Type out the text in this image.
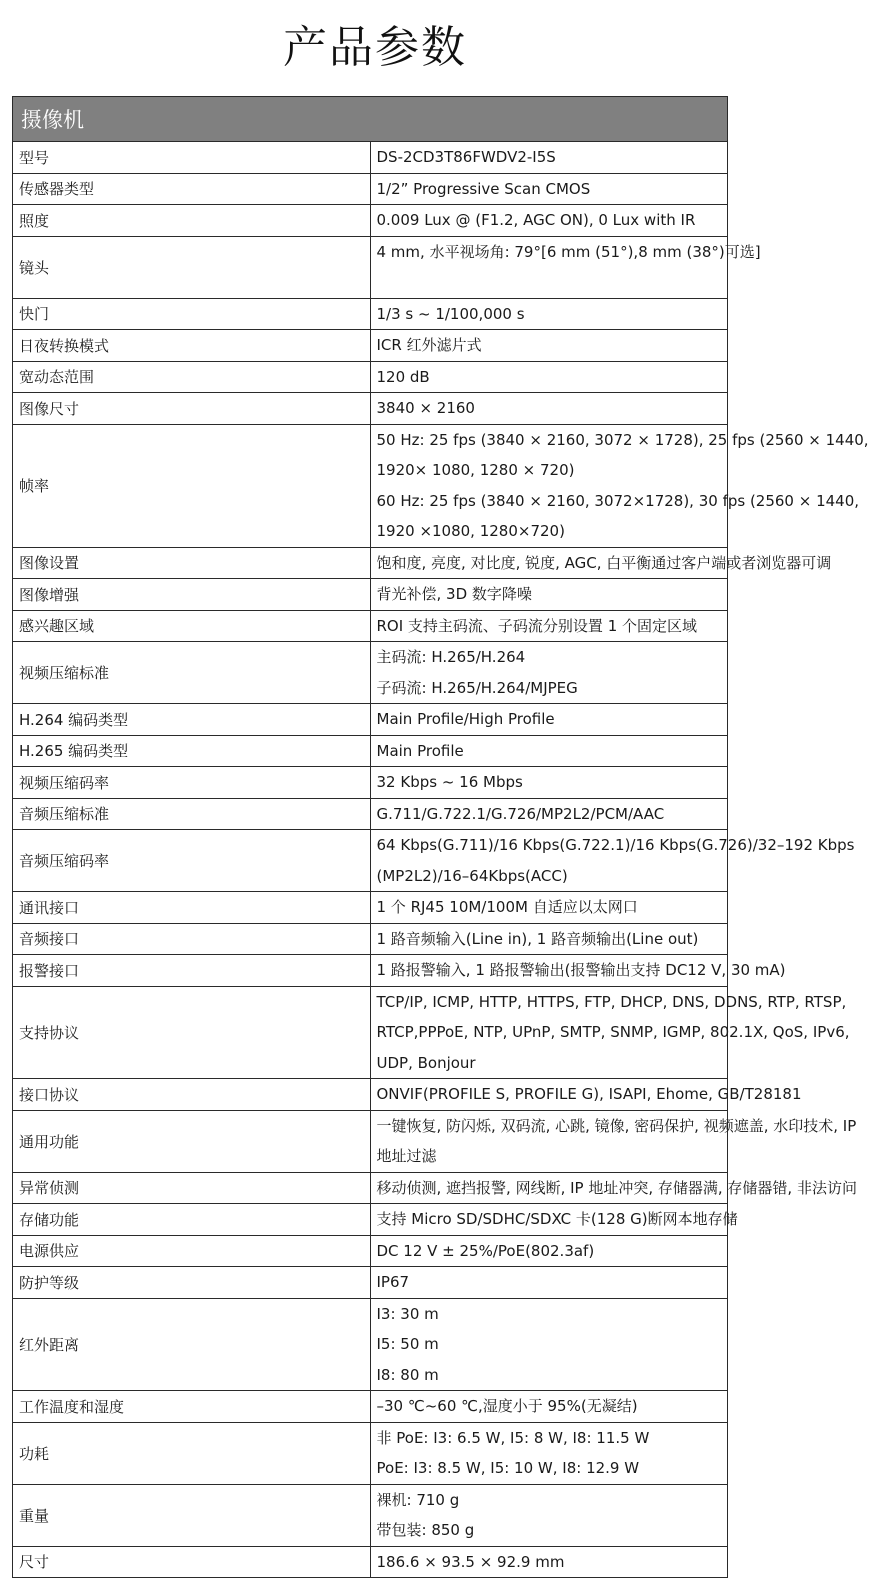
产品参数
摄像机	
型号	DS-2CD3T86FWDV2-I5S

传感器类型	1/2” Progressive Scan CMOS

照度	0.009 Lux @ (F1.2, AGC ON), 0 Lux with IR

镜头	4 mm, 水平视场角: 79°[6 mm (51°),8 mm (38°)可选]

快门	1/3 s ~ 1/100,000 s

日夜转换模式	ICR 红外滤片式

宽动态范围	120 dB

图像尺寸	3840 × 2160

帧率	50 Hz: 25 fps (3840 × 2160, 3072 × 1728), 25 fps (2560 × 1440,
1920× 1080, 1280 × 720)
60 Hz: 25 fps (3840 × 2160, 3072×1728), 30 fps (2560 × 1440,
1920 ×1080, 1280×720)

图像设置	饱和度, 亮度, 对比度, 锐度, AGC, 白平衡通过客户端或者浏览器可调

图像增强	背光补偿, 3D 数字降噪

感兴趣区域	ROI 支持主码流、子码流分别设置 1 个固定区域

视频压缩标准	主码流: H.265/H.264
子码流: H.265/H.264/MJPEG

H.264 编码类型	Main Profile/High Profile

H.265 编码类型	Main Profile

视频压缩码率	32 Kbps ~ 16 Mbps

音频压缩标准	G.711/G.722.1/G.726/MP2L2/PCM/AAC

音频压缩码率	64 Kbps(G.711)/16 Kbps(G.722.1)/16 Kbps(G.726)/32–192 Kbps
(MP2L2)/16–64Kbps(ACC)

通讯接口	1 个 RJ45 10M/100M 自适应以太网口

音频接口	1 路音频输入(Line in), 1 路音频输出(Line out)

报警接口	1 路报警输入, 1 路报警输出(报警输出支持 DC12 V, 30 mA)

支持协议	TCP/IP, ICMP, HTTP, HTTPS, FTP, DHCP, DNS, DDNS, RTP, RTSP,
RTCP,PPPoE, NTP, UPnP, SMTP, SNMP, IGMP, 802.1X, QoS, IPv6,
UDP, Bonjour

接口协议	ONVIF(PROFILE S, PROFILE G), ISAPI, Ehome, GB/T28181

通用功能	一键恢复, 防闪烁, 双码流, 心跳, 镜像, 密码保护, 视频遮盖, 水印技术, IP
地址过滤

异常侦测	移动侦测, 遮挡报警, 网线断, IP 地址冲突, 存储器满, 存储器错, 非法访问

存储功能	支持 Micro SD/SDHC/SDXC 卡(128 G)断网本地存储

电源供应	DC 12 V ± 25%/PoE(802.3af)

防护等级	IP67

红外距离	I3: 30 m
I5: 50 m
I8: 80 m

工作温度和湿度	–30 ℃~60 ℃,湿度小于 95%(无凝结)

功耗	非 PoE: I3: 6.5 W, I5: 8 W, I8: 11.5 W
PoE: I3: 8.5 W, I5: 10 W, I8: 12.9 W

重量	裸机: 710 g
带包装: 850 g

尺寸	186.6 × 93.5 × 92.9 mm
